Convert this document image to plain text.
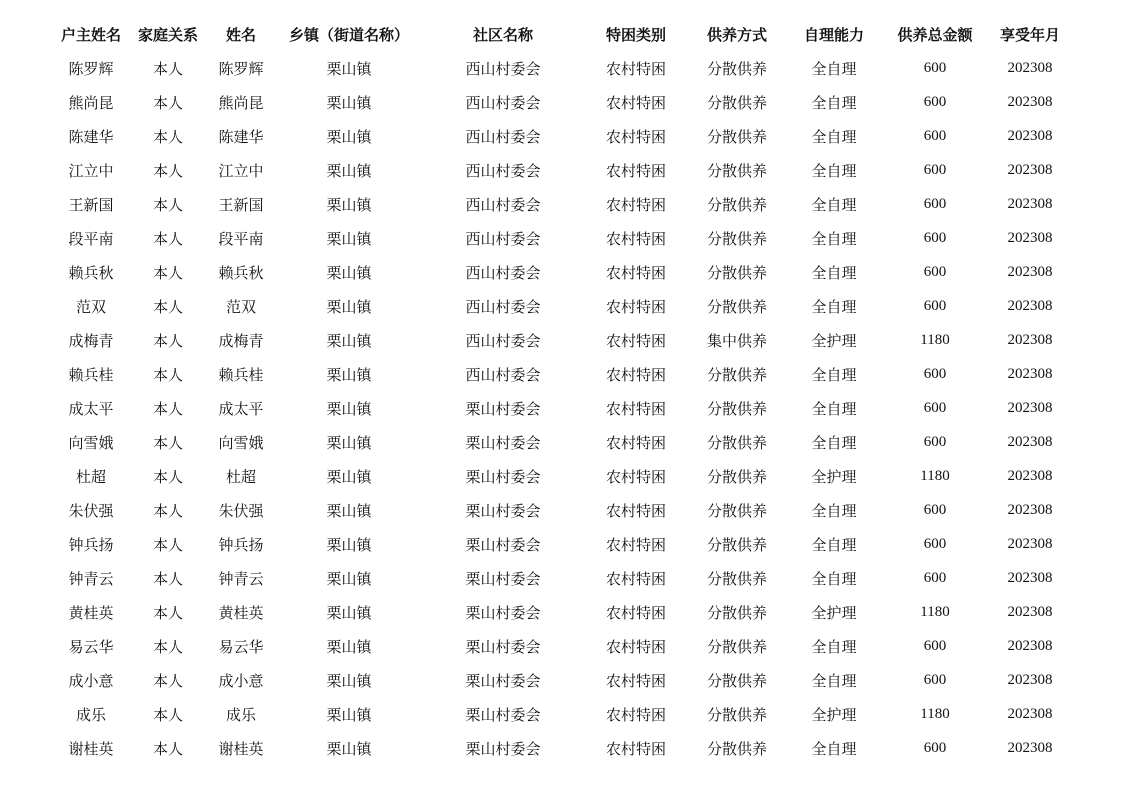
户主姓名	家庭关系	姓名	乡镇（街道名称）	社区名称	特困类别	供养方式	自理能力	供养总金额	享受年月
陈罗辉	本人	陈罗辉	栗山镇	西山村委会	农村特困	分散供养	全自理	600	202308
熊尚昆	本人	熊尚昆	栗山镇	西山村委会	农村特困	分散供养	全自理	600	202308
陈建华	本人	陈建华	栗山镇	西山村委会	农村特困	分散供养	全自理	600	202308
江立中	本人	江立中	栗山镇	西山村委会	农村特困	分散供养	全自理	600	202308
王新国	本人	王新国	栗山镇	西山村委会	农村特困	分散供养	全自理	600	202308
段平南	本人	段平南	栗山镇	西山村委会	农村特困	分散供养	全自理	600	202308
赖兵秋	本人	赖兵秋	栗山镇	西山村委会	农村特困	分散供养	全自理	600	202308
范双	本人	范双	栗山镇	西山村委会	农村特困	分散供养	全自理	600	202308
成梅青	本人	成梅青	栗山镇	西山村委会	农村特困	集中供养	全护理	1180	202308
赖兵桂	本人	赖兵桂	栗山镇	西山村委会	农村特困	分散供养	全自理	600	202308
成太平	本人	成太平	栗山镇	栗山村委会	农村特困	分散供养	全自理	600	202308
向雪娥	本人	向雪娥	栗山镇	栗山村委会	农村特困	分散供养	全自理	600	202308
杜超	本人	杜超	栗山镇	栗山村委会	农村特困	分散供养	全护理	1180	202308
朱伏强	本人	朱伏强	栗山镇	栗山村委会	农村特困	分散供养	全自理	600	202308
钟兵扬	本人	钟兵扬	栗山镇	栗山村委会	农村特困	分散供养	全自理	600	202308
钟青云	本人	钟青云	栗山镇	栗山村委会	农村特困	分散供养	全自理	600	202308
黄桂英	本人	黄桂英	栗山镇	栗山村委会	农村特困	分散供养	全护理	1180	202308
易云华	本人	易云华	栗山镇	栗山村委会	农村特困	分散供养	全自理	600	202308
成小意	本人	成小意	栗山镇	栗山村委会	农村特困	分散供养	全自理	600	202308
成乐	本人	成乐	栗山镇	栗山村委会	农村特困	分散供养	全护理	1180	202308
谢桂英	本人	谢桂英	栗山镇	栗山村委会	农村特困	分散供养	全自理	600	202308
